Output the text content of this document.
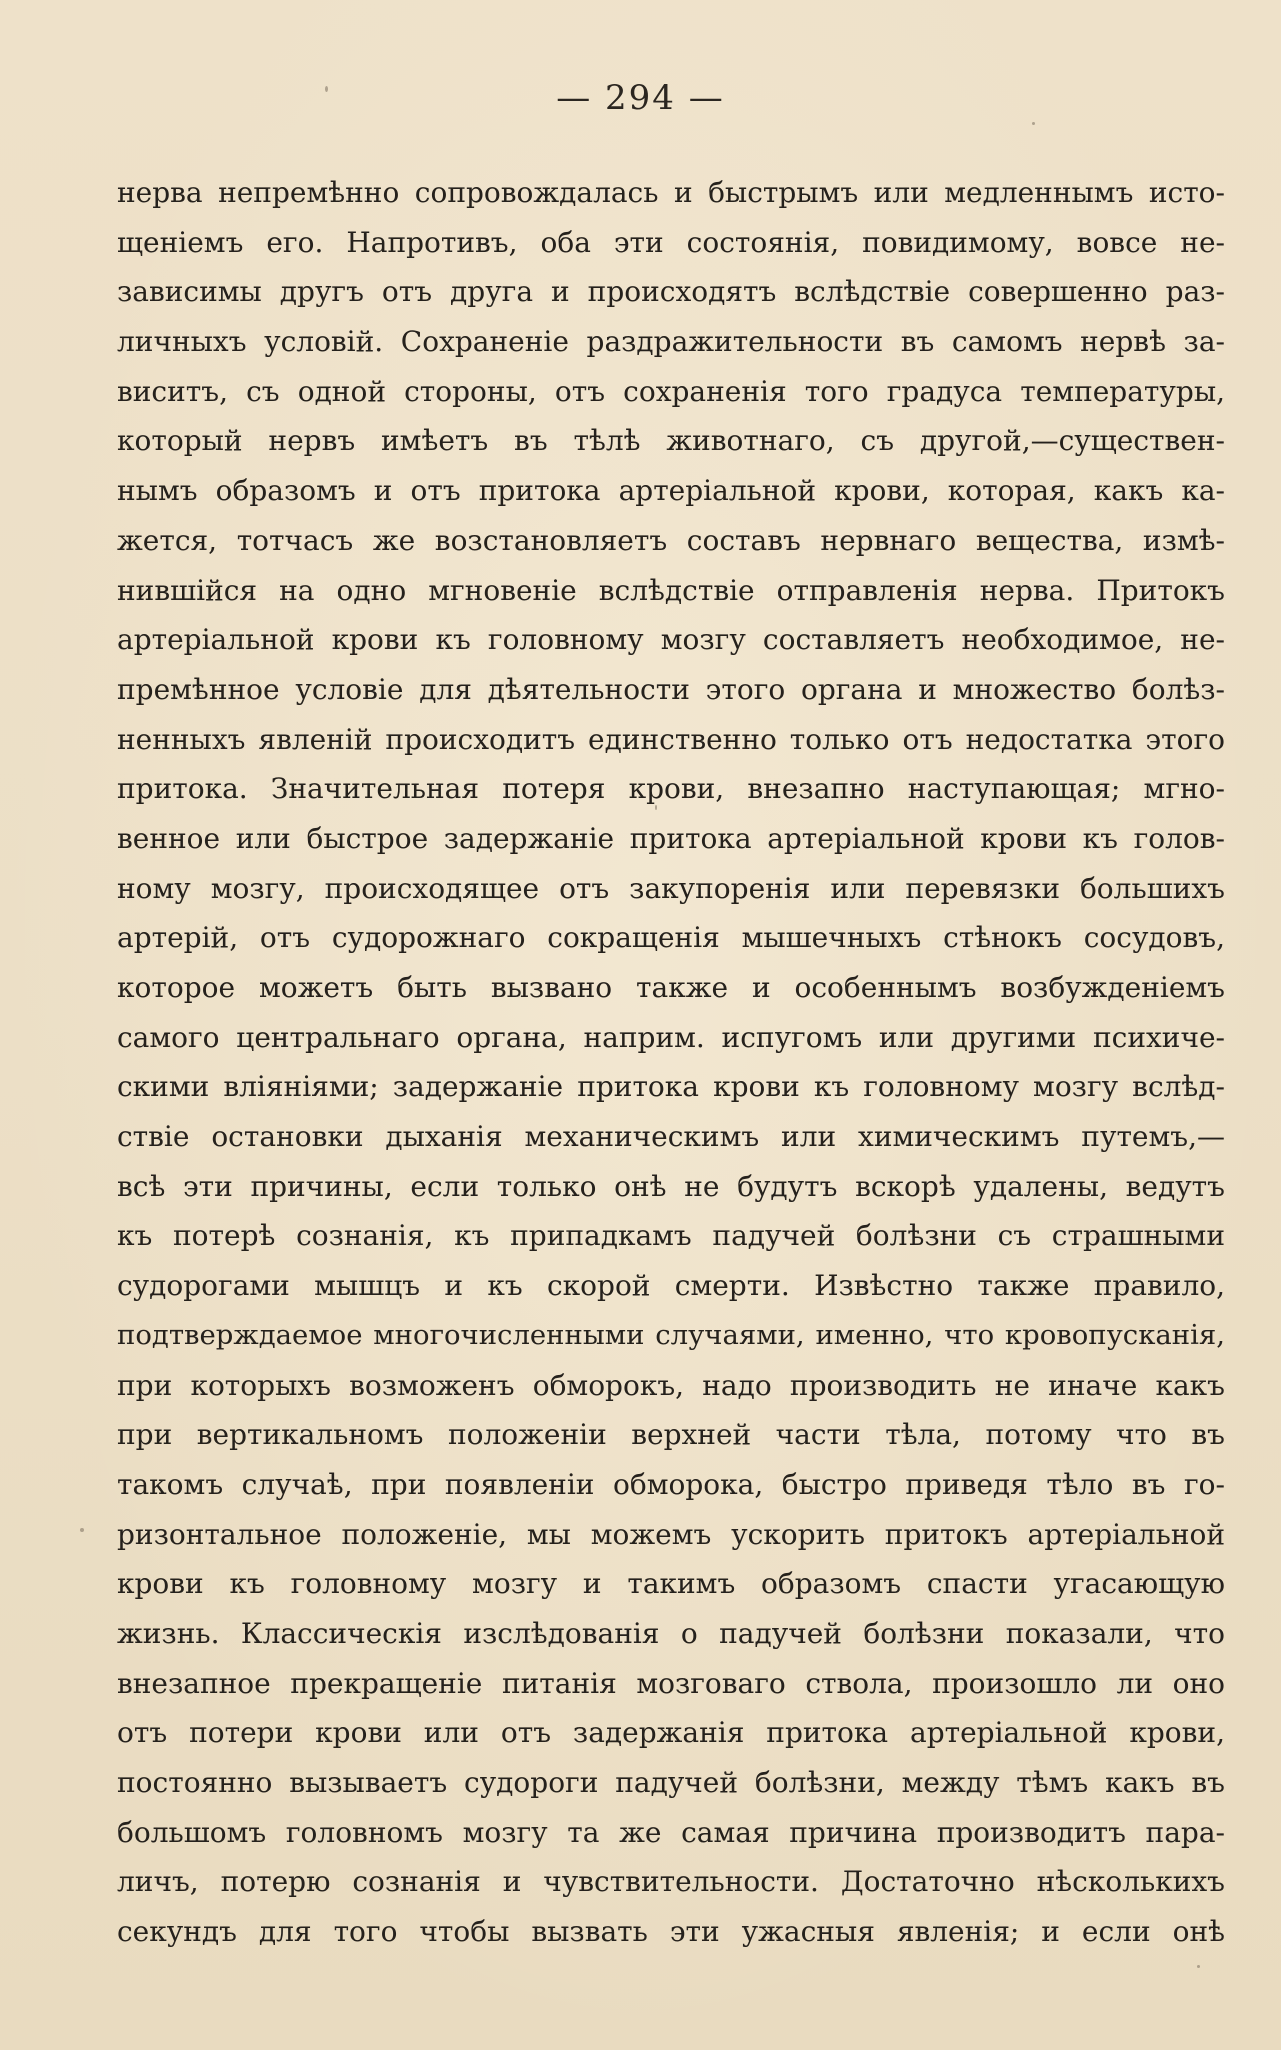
— 294 —
нерва непремѣнно сопровождалась и быстрымъ или медленнымъ исто-
щеніемъ его. Напротивъ, оба эти состоянія, повидимому, вовсе не-
зависимы другъ отъ друга и происходятъ вслѣдствіе совершенно раз-
личныхъ условій. Сохраненіе раздражительности въ самомъ нервѣ за-
виситъ, съ одной стороны, отъ сохраненія того градуса температуры,
который нервъ имѣетъ въ тѣлѣ животнаго, съ другой,—существен-
нымъ образомъ и отъ притока артеріальной крови, которая, какъ ка-
жется, тотчасъ же возстановляетъ составъ нервнаго вещества, измѣ-
нившійся на одно мгновеніе вслѣдствіе отправленія нерва. Притокъ
артеріальной крови къ головному мозгу составляетъ необходимое, не-
премѣнное условіе для дѣятельности этого органа и множество болѣз-
ненныхъ явленій происходитъ единственно только отъ недостатка этого
притока. Значительная потеря крови, внезапно наступающая; мгно-
венное или быстрое задержаніе притока артеріальной крови къ голов-
ному мозгу, происходящее отъ закупоренія или перевязки большихъ
артерій, отъ судорожнаго сокращенія мышечныхъ стѣнокъ сосудовъ,
которое можетъ быть вызвано также и особеннымъ возбужденіемъ
самого центральнаго органа, наприм. испугомъ или другими психиче-
скими вліяніями; задержаніе притока крови къ головному мозгу вслѣд-
ствіе остановки дыханія механическимъ или химическимъ путемъ,—
всѣ эти причины, если только онѣ не будутъ вскорѣ удалены, ведутъ
къ потерѣ сознанія, къ припадкамъ падучей болѣзни съ страшными
судорогами мышцъ и къ скорой смерти. Извѣстно также правило,
подтверждаемое многочисленными случаями, именно, что кровопусканія,
при которыхъ возможенъ обморокъ, надо производить не иначе какъ
при вертикальномъ положеніи верхней части тѣла, потому что въ
такомъ случаѣ, при появленіи обморока, быстро приведя тѣло въ го-
ризонтальное положеніе, мы можемъ ускорить притокъ артеріальной
крови къ головному мозгу и такимъ образомъ спасти угасающую
жизнь. Классическія изслѣдованія о падучей болѣзни показали, что
внезапное прекращеніе питанія мозговаго ствола, произошло ли оно
отъ потери крови или отъ задержанія притока артеріальной крови,
постоянно вызываетъ судороги падучей болѣзни, между тѣмъ какъ въ
большомъ головномъ мозгу та же самая причина производитъ пара-
личъ, потерю сознанія и чувствительности. Достаточно нѣсколькихъ
секундъ для того чтобы вызвать эти ужасныя явленія; и если онѣ
